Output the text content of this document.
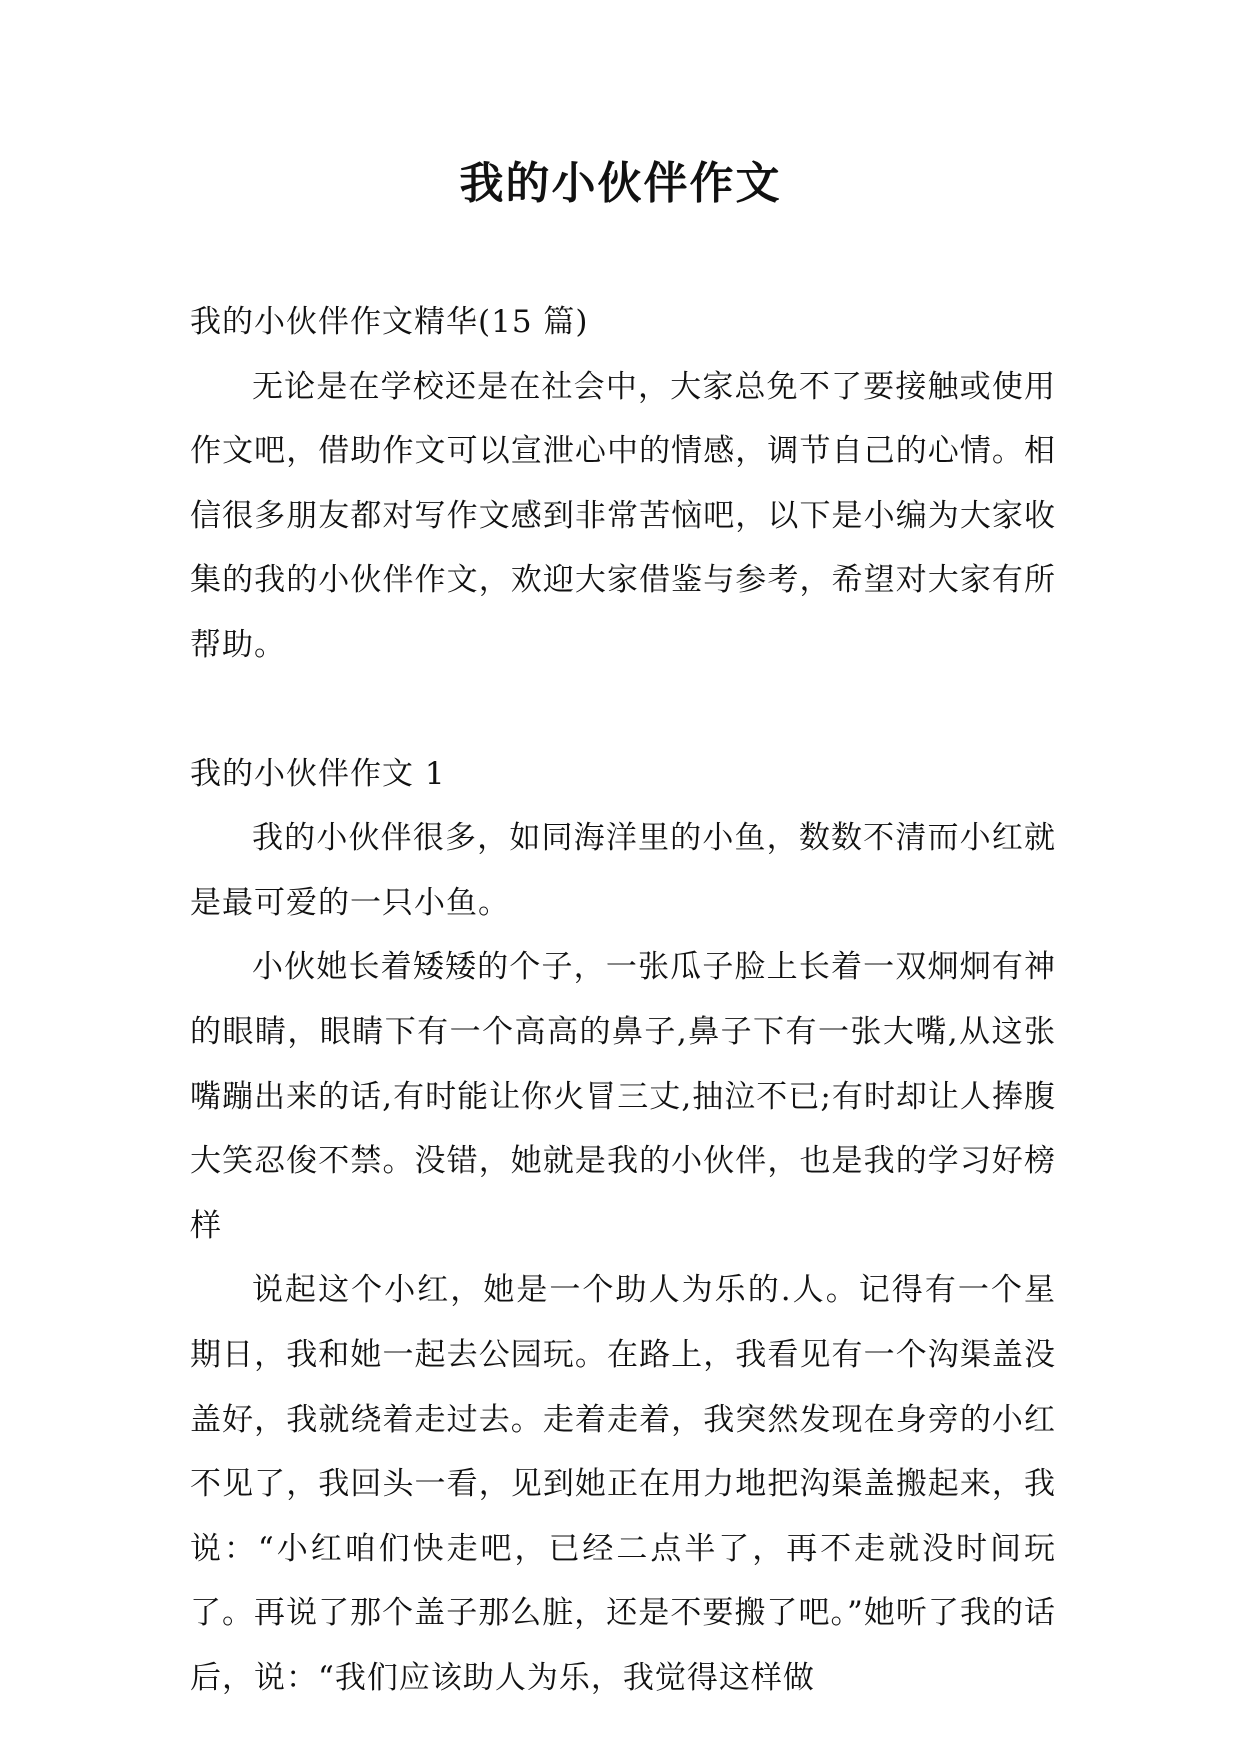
我的小伙伴作文

我的小伙伴作文精华(15 篇)

无论是在学校还是在社会中，大家总免不了要接触或使用作文吧，借助作文可以宣泄心中的情感，调节自己的心情。相信很多朋友都对写作文感到非常苦恼吧，以下是小编为大家收集的我的小伙伴作文，欢迎大家借鉴与参考，希望对大家有所帮助。

我的小伙伴作文 1

我的小伙伴很多，如同海洋里的小鱼，数数不清而小红就是最可爱的一只小鱼。

小伙她长着矮矮的个子，一张瓜子脸上长着一双炯炯有神的眼睛，眼睛下有一个高高的鼻子,鼻子下有一张大嘴,从这张嘴蹦出来的话,有时能让你火冒三丈,抽泣不已;有时却让人捧腹大笑忍俊不禁。没错，她就是我的小伙伴，也是我的学习好榜样

说起这个小红，她是一个助人为乐的.人。记得有一个星期日，我和她一起去公园玩。在路上，我看见有一个沟渠盖没盖好，我就绕着走过去。走着走着，我突然发现在身旁的小红不见了，我回头一看，见到她正在用力地把沟渠盖搬起来，我说：“小红咱们快走吧，已经二点半了，再不走就没时间玩了。再说了那个盖子那么脏，还是不要搬了吧。”她听了我的话后，说：“我们应该助人为乐，我觉得这样做
